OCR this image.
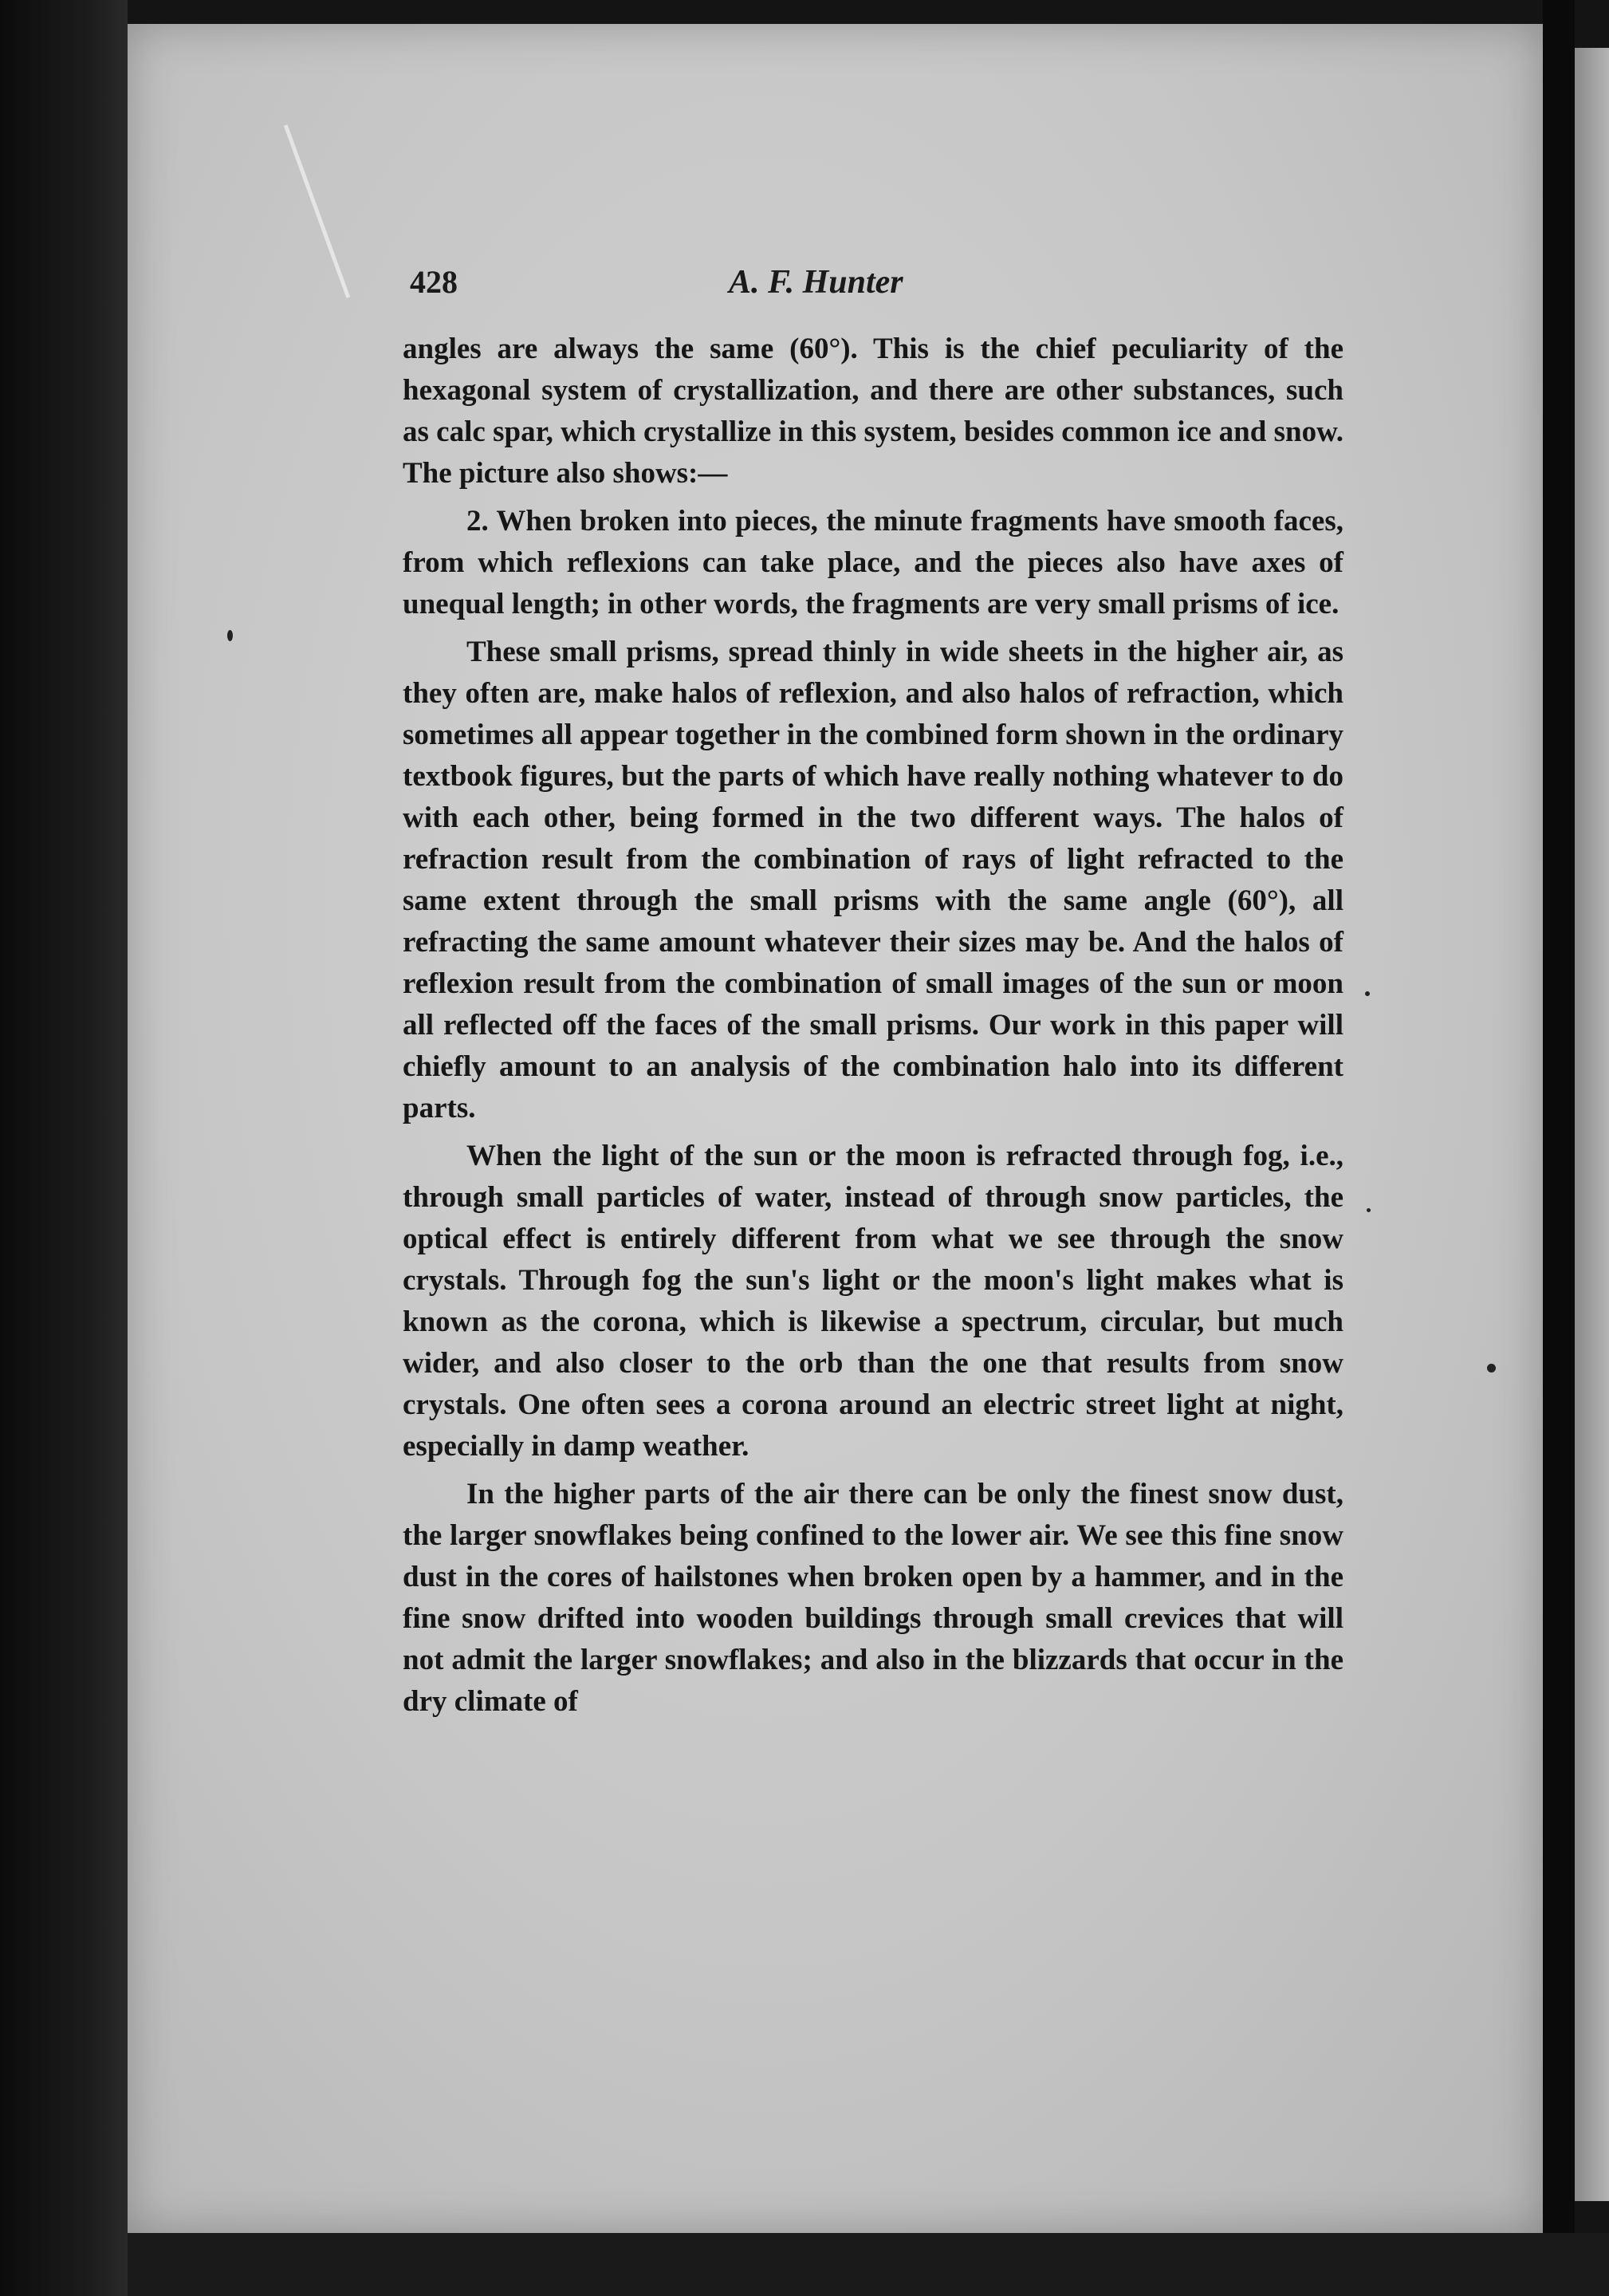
428	A. F. Hunter

angles are always the same (60°). This is the chief peculiarity of the hexagonal system of crystallization, and there are other substances, such as calc spar, which crystallize in this system, besides common ice and snow. The picture also shows:—

2. When broken into pieces, the minute fragments have smooth faces, from which reflexions can take place, and the pieces also have axes of unequal length; in other words, the fragments are very small prisms of ice.

These small prisms, spread thinly in wide sheets in the higher air, as they often are, make halos of reflexion, and also halos of refraction, which sometimes all appear together in the combined form shown in the ordinary textbook figures, but the parts of which have really nothing whatever to do with each other, being formed in the two different ways. The halos of refraction result from the combination of rays of light refracted to the same extent through the small prisms with the same angle (60°), all refracting the same amount whatever their sizes may be. And the halos of reflexion result from the combination of small images of the sun or moon all reflected off the faces of the small prisms. Our work in this paper will chiefly amount to an analysis of the combination halo into its different parts.

When the light of the sun or the moon is refracted through fog, i.e., through small particles of water, instead of through snow particles, the optical effect is entirely different from what we see through the snow crystals. Through fog the sun's light or the moon's light makes what is known as the corona, which is likewise a spectrum, circular, but much wider, and also closer to the orb than the one that results from snow crystals. One often sees a corona around an electric street light at night, especially in damp weather.

In the higher parts of the air there can be only the finest snow dust, the larger snowflakes being confined to the lower air. We see this fine snow dust in the cores of hailstones when broken open by a hammer, and in the fine snow drifted into wooden buildings through small crevices that will not admit the larger snowflakes; and also in the blizzards that occur in the dry climate of
